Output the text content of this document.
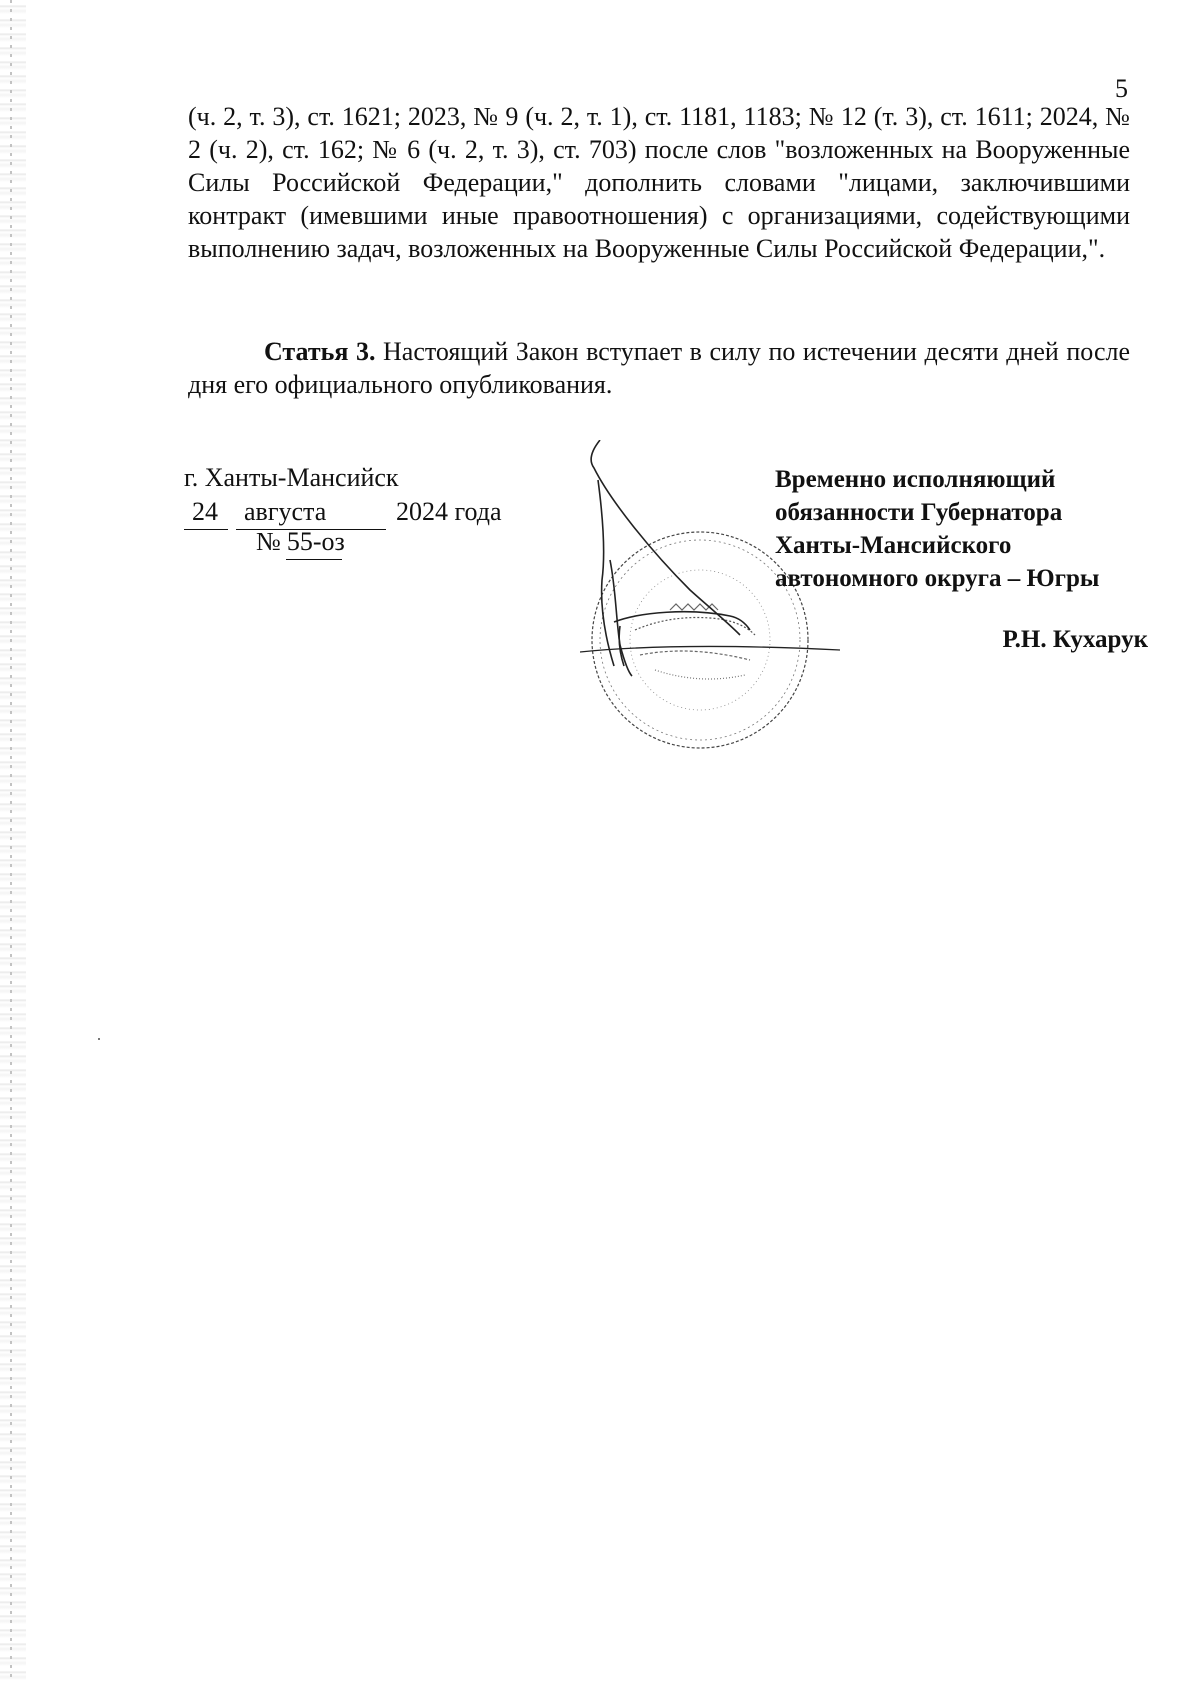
5

(ч. 2, т. 3), ст. 1621; 2023, № 9 (ч. 2, т. 1), ст. 1181, 1183; № 12 (т. 3), ст. 1611; 2024, № 2 (ч. 2), ст. 162; № 6 (ч. 2, т. 3), ст. 703) после слов "возложенных на Вооруженные Силы Российской Федерации," дополнить словами "лицами, заключившими контракт (имевшими иные правоотношения) с организациями, содействующими выполнению задач, возложенных на Вооруженные Силы Российской Федерации,".

Статья 3. Настоящий Закон вступает в силу по истечении десяти дней после дня его официального опубликования.

г. Ханты-Мансийск
24 августа	2024 года
№ 55-оз
Временно исполняющий
обязанности Губернатора
Ханты-Мансийского
автономного округа – Югры
Р.Н. Кухарук
